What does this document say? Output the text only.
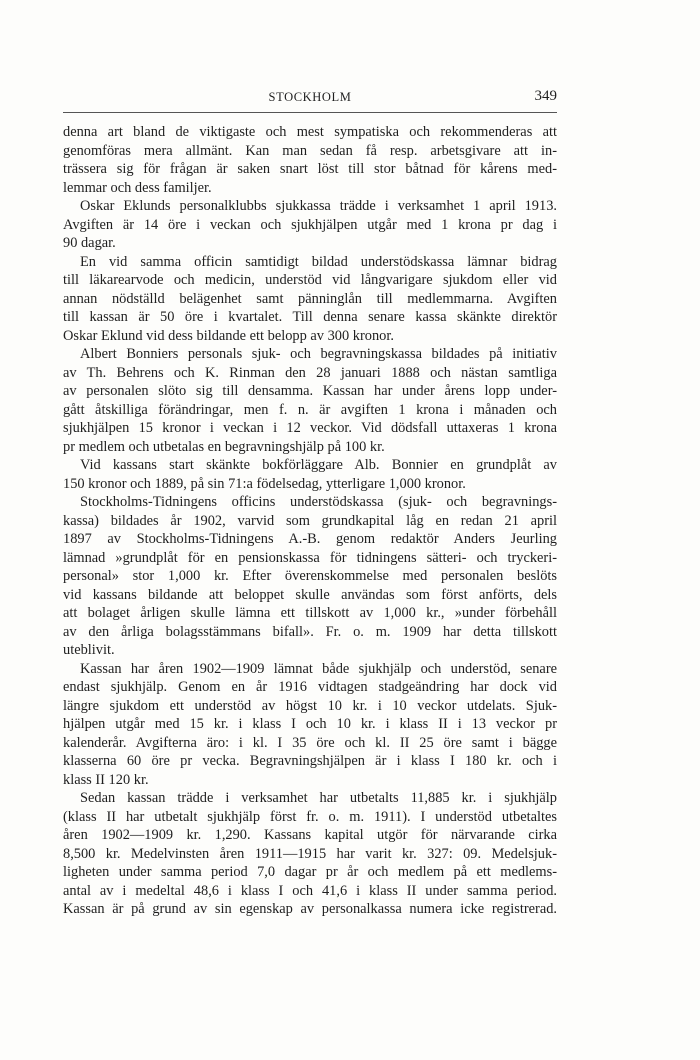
STOCKHOLM	349
denna art bland de viktigaste och mest sympatiska och rekommenderas att
genomföras mera allmänt. Kan man sedan få resp. arbetsgivare att in-
trässera sig för frågan är saken snart löst till stor båtnad för kårens med-
lemmar och dess familjer.
Oskar Eklunds personalklubbs sjukkassa trädde i verksamhet 1 april 1913.
Avgiften är 14 öre i veckan och sjukhjälpen utgår med 1 krona pr dag i
90 dagar.
En vid samma officin samtidigt bildad understödskassa lämnar bidrag
till läkarearvode och medicin, understöd vid långvarigare sjukdom eller vid
annan nödställd belägenhet samt pänninglån till medlemmarna. Avgiften
till kassan är 50 öre i kvartalet. Till denna senare kassa skänkte direktör
Oskar Eklund vid dess bildande ett belopp av 300 kronor.
Albert Bonniers personals sjuk- och begravningskassa bildades på initiativ
av Th. Behrens och K. Rinman den 28 januari 1888 och nästan samtliga
av personalen slöto sig till densamma. Kassan har under årens lopp under-
gått åtskilliga förändringar, men f. n. är avgiften 1 krona i månaden och
sjukhjälpen 15 kronor i veckan i 12 veckor. Vid dödsfall uttaxeras 1 krona
pr medlem och utbetalas en begravningshjälp på 100 kr.
Vid kassans start skänkte bokförläggare Alb. Bonnier en grundplåt av
150 kronor och 1889, på sin 71:a födelsedag, ytterligare 1,000 kronor.
Stockholms-Tidningens officins understödskassa (sjuk- och begravnings-
kassa) bildades år 1902, varvid som grundkapital låg en redan 21 april
1897 av Stockholms-Tidningens A.-B. genom redaktör Anders Jeurling
lämnad »grundplåt för en pensionskassa för tidningens sätteri- och tryckeri-
personal» stor 1,000 kr. Efter överenskommelse med personalen beslöts
vid kassans bildande att beloppet skulle användas som först anförts, dels
att bolaget årligen skulle lämna ett tillskott av 1,000 kr., »under förbehåll
av den årliga bolagsstämmans bifall». Fr. o. m. 1909 har detta tillskott
uteblivit.
Kassan har åren 1902—1909 lämnat både sjukhjälp och understöd, senare
endast sjukhjälp. Genom en år 1916 vidtagen stadgeändring har dock vid
längre sjukdom ett understöd av högst 10 kr. i 10 veckor utdelats. Sjuk-
hjälpen utgår med 15 kr. i klass I och 10 kr. i klass II i 13 veckor pr
kalenderår. Avgifterna äro: i kl. I 35 öre och kl. II 25 öre samt i bägge
klasserna 60 öre pr vecka. Begravningshjälpen är i klass I 180 kr. och i
klass II 120 kr.
Sedan kassan trädde i verksamhet har utbetalts 11,885 kr. i sjukhjälp
(klass II har utbetalt sjukhjälp först fr. o. m. 1911). I understöd utbetaltes
åren 1902—1909 kr. 1,290. Kassans kapital utgör för närvarande cirka
8,500 kr. Medelvinsten åren 1911—1915 har varit kr. 327: 09. Medelsjuk-
ligheten under samma period 7,0 dagar pr år och medlem på ett medlems-
antal av i medeltal 48,6 i klass I och 41,6 i klass II under samma period.
Kassan är på grund av sin egenskap av personalkassa numera icke registrerad.
